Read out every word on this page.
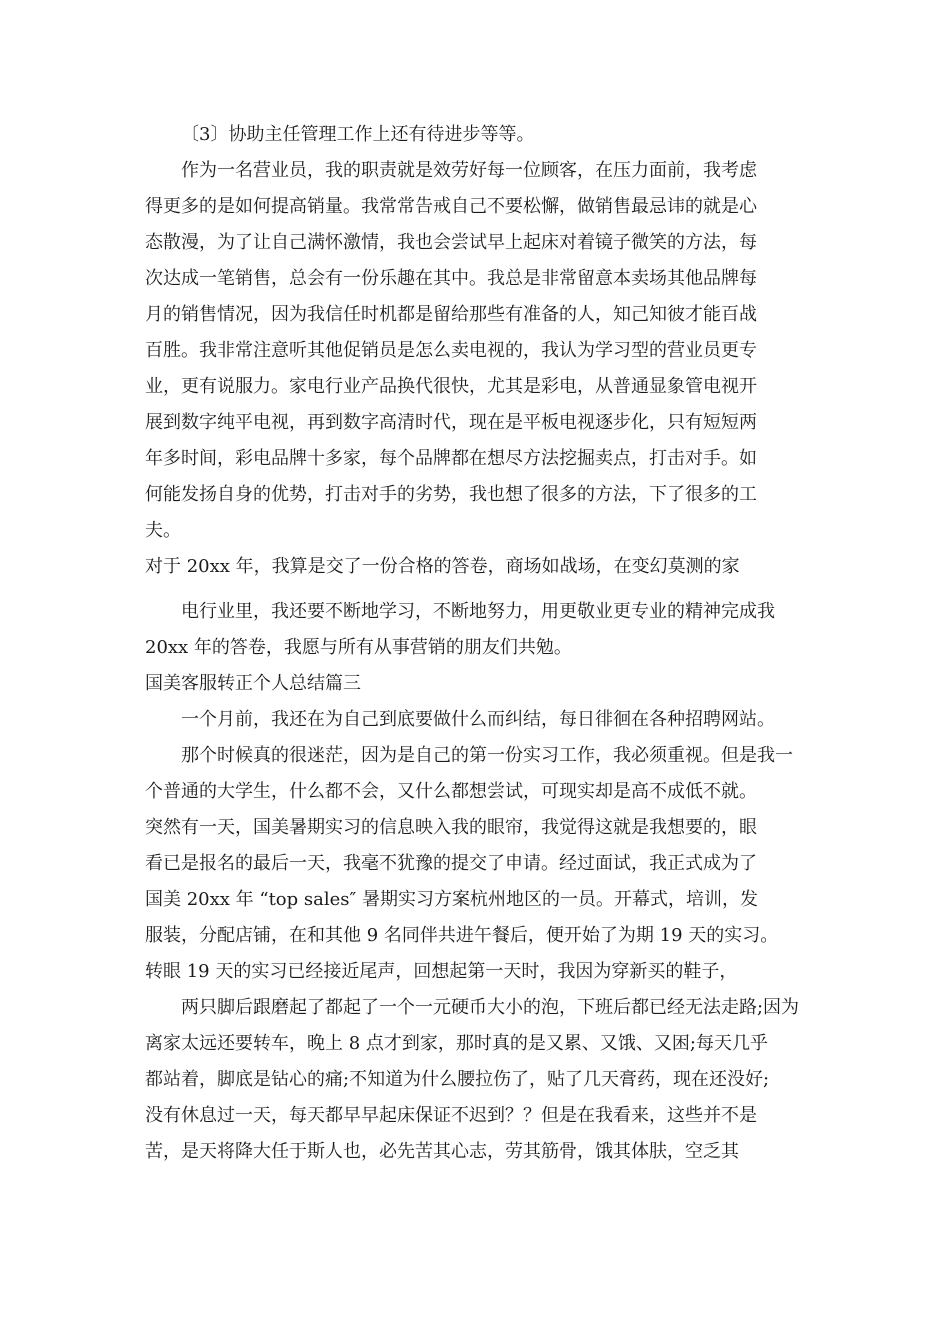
〔3〕协助主任管理工作上还有待进步等等。
作为一名营业员，我的职责就是效劳好每一位顾客，在压力面前，我考虑
得更多的是如何提高销量。我常常告戒自己不要松懈，做销售最忌讳的就是心
态散漫，为了让自己满怀激情，我也会尝试早上起床对着镜子微笑的方法，每
次达成一笔销售，总会有一份乐趣在其中。我总是非常留意本卖场其他品牌每
月的销售情况，因为我信任时机都是留给那些有准备的人，知己知彼才能百战
百胜。我非常注意听其他促销员是怎么卖电视的，我认为学习型的营业员更专
业，更有说服力。家电行业产品换代很快，尤其是彩电，从普通显象管电视开
展到数字纯平电视，再到数字高清时代，现在是平板电视逐步化，只有短短两
年多时间，彩电品牌十多家，每个品牌都在想尽方法挖掘卖点，打击对手。如
何能发扬自身的优势，打击对手的劣势，我也想了很多的方法，下了很多的工
夫。
对于 20xx 年，我算是交了一份合格的答卷，商场如战场，在变幻莫测的家
电行业里，我还要不断地学习，不断地努力，用更敬业更专业的精神完成我
20xx 年的答卷，我愿与所有从事营销的朋友们共勉。
国美客服转正个人总结篇三
一个月前，我还在为自己到底要做什么而纠结，每日徘徊在各种招聘网站。
那个时候真的很迷茫，因为是自己的第一份实习工作，我必须重视。但是我一
个普通的大学生，什么都不会，又什么都想尝试，可现实却是高不成低不就。
突然有一天，国美暑期实习的信息映入我的眼帘，我觉得这就是我想要的，眼
看已是报名的最后一天，我毫不犹豫的提交了申请。经过面试，我正式成为了
国美 20xx 年 “top sales″ 暑期实习方案杭州地区的一员。开幕式，培训，发
服装，分配店铺，在和其他 9 名同伴共进午餐后，便开始了为期 19 天的实习。
转眼 19 天的实习已经接近尾声，回想起第一天时，我因为穿新买的鞋子，
两只脚后跟磨起了都起了一个一元硬币大小的泡，下班后都已经无法走路;因为
离家太远还要转车，晚上 8 点才到家，那时真的是又累、又饿、又困;每天几乎
都站着，脚底是钻心的痛;不知道为什么腰拉伤了，贴了几天膏药，现在还没好;
没有休息过一天，每天都早早起床保证不迟到？？但是在我看来，这些并不是
苦，是天将降大任于斯人也，必先苦其心志，劳其筋骨，饿其体肤，空乏其
